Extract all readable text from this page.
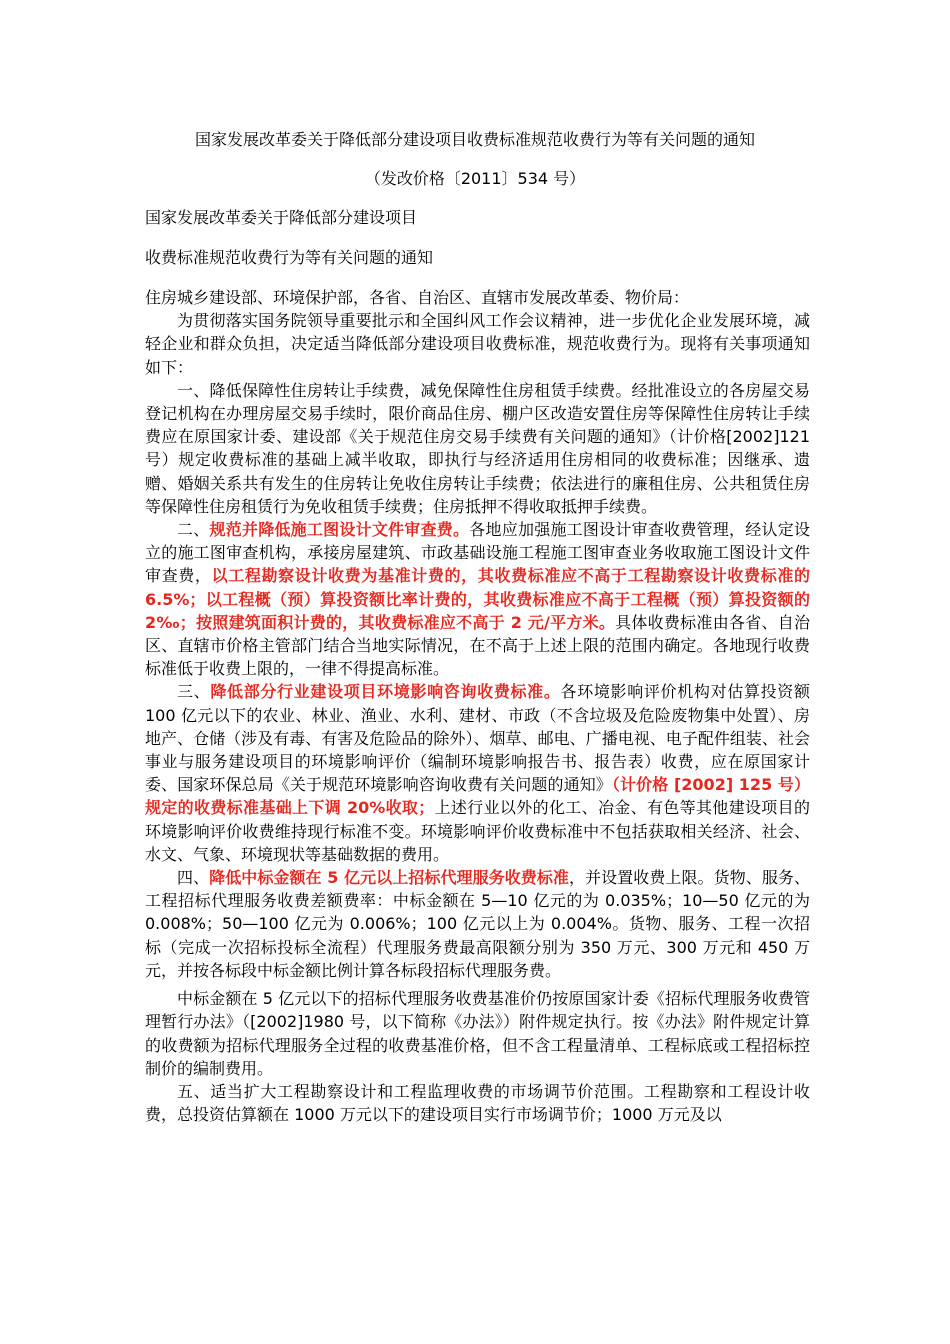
国家发展改革委关于降低部分建设项目收费标准规范收费行为等有关问题的通知
（发改价格〔2011〕534 号）
国家发展改革委关于降低部分建设项目
收费标准规范收费行为等有关问题的通知

住房城乡建设部、环境保护部，各省、自治区、直辖市发展改革委、物价局：

为贯彻落实国务院领导重要批示和全国纠风工作会议精神，进一步优化企业发展环境，减轻企业和群众负担，决定适当降低部分建设项目收费标准，规范收费行为。现将有关事项通知如下：

一、降低保障性住房转让手续费，减免保障性住房租赁手续费。经批准设立的各房屋交易登记机构在办理房屋交易手续时，限价商品住房、棚户区改造安置住房等保障性住房转让手续费应在原国家计委、建设部《关于规范住房交易手续费有关问题的通知》（计价格[2002]121 号）规定收费标准的基础上减半收取，即执行与经济适用住房相同的收费标准；因继承、遗赠、婚姻关系共有发生的住房转让免收住房转让手续费；依法进行的廉租住房、公共租赁住房等保障性住房租赁行为免收租赁手续费；住房抵押不得收取抵押手续费。

二、规范并降低施工图设计文件审查费。各地应加强施工图设计审查收费管理，经认定设立的施工图审查机构，承接房屋建筑、市政基础设施工程施工图审查业务收取施工图设计文件审查费，以工程勘察设计收费为基准计费的，其收费标准应不高于工程勘察设计收费标准的 6.5%；以工程概（预）算投资额比率计费的，其收费标准应不高于工程概（预）算投资额的 2‰；按照建筑面积计费的，其收费标准应不高于 2 元/平方米。具体收费标准由各省、自治区、直辖市价格主管部门结合当地实际情况，在不高于上述上限的范围内确定。各地现行收费标准低于收费上限的，一律不得提高标准。

三、降低部分行业建设项目环境影响咨询收费标准。各环境影响评价机构对估算投资额 100 亿元以下的农业、林业、渔业、水利、建材、市政（不含垃圾及危险废物集中处置）、房地产、仓储（涉及有毒、有害及危险品的除外）、烟草、邮电、广播电视、电子配件组装、社会事业与服务建设项目的环境影响评价（编制环境影响报告书、报告表）收费，应在原国家计委、国家环保总局《关于规范环境影响咨询收费有关问题的通知》（计价格 [2002] 125 号）规定的收费标准基础上下调 20%收取；上述行业以外的化工、冶金、有色等其他建设项目的环境影响评价收费维持现行标准不变。环境影响评价收费标准中不包括获取相关经济、社会、水文、气象、环境现状等基础数据的费用。

四、降低中标金额在 5 亿元以上招标代理服务收费标准，并设置收费上限。货物、服务、工程招标代理服务收费差额费率：中标金额在 5—10 亿元的为 0.035%；10—50 亿元的为 0.008%；50—100 亿元为 0.006%；100 亿元以上为 0.004%。货物、服务、工程一次招标（完成一次招标投标全流程）代理服务费最高限额分别为 350 万元、300 万元和 450 万元，并按各标段中标金额比例计算各标段招标代理服务费。

中标金额在 5 亿元以下的招标代理服务收费基准价仍按原国家计委《招标代理服务收费管理暂行办法》（[2002]1980 号，以下简称《办法》）附件规定执行。按《办法》附件规定计算的收费额为招标代理服务全过程的收费基准价格，但不含工程量清单、工程标底或工程招标控制价的编制费用。

五、适当扩大工程勘察设计和工程监理收费的市场调节价范围。工程勘察和工程设计收费，总投资估算额在 1000 万元以下的建设项目实行市场调节价；1000 万元及以
